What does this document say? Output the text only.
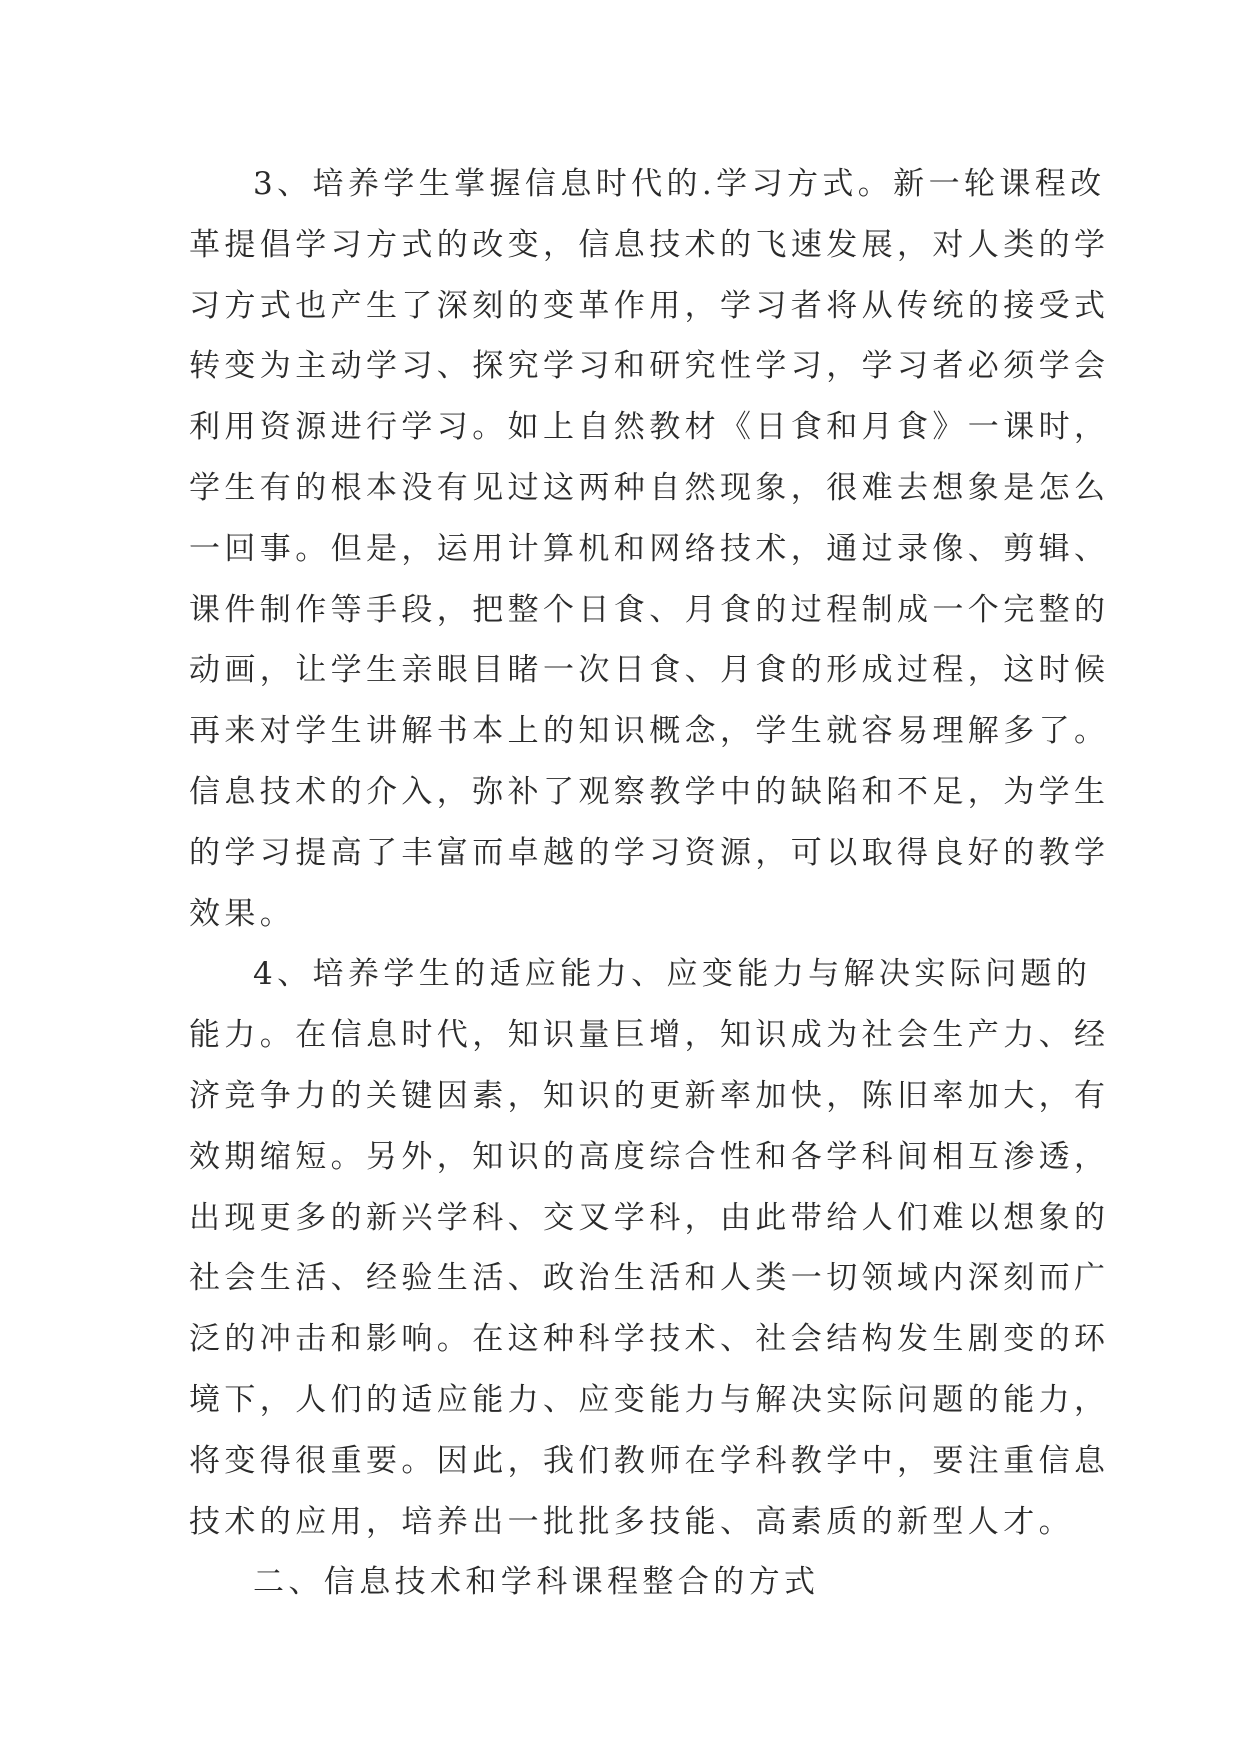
3、培养学生掌握信息时代的.学习方式。新一轮课程改
革提倡学习方式的改变，信息技术的飞速发展，对人类的学
习方式也产生了深刻的变革作用，学习者将从传统的接受式
转变为主动学习、探究学习和研究性学习，学习者必须学会
利用资源进行学习。如上自然教材《日食和月食》一课时，
学生有的根本没有见过这两种自然现象，很难去想象是怎么
一回事。但是，运用计算机和网络技术，通过录像、剪辑、
课件制作等手段，把整个日食、月食的过程制成一个完整的
动画，让学生亲眼目睹一次日食、月食的形成过程，这时候
再来对学生讲解书本上的知识概念，学生就容易理解多了。
信息技术的介入，弥补了观察教学中的缺陷和不足，为学生
的学习提高了丰富而卓越的学习资源，可以取得良好的教学
效果。
4、培养学生的适应能力、应变能力与解决实际问题的
能力。在信息时代，知识量巨增，知识成为社会生产力、经
济竞争力的关键因素，知识的更新率加快，陈旧率加大，有
效期缩短。另外，知识的高度综合性和各学科间相互渗透，
出现更多的新兴学科、交叉学科，由此带给人们难以想象的
社会生活、经验生活、政治生活和人类一切领域内深刻而广
泛的冲击和影响。在这种科学技术、社会结构发生剧变的环
境下，人们的适应能力、应变能力与解决实际问题的能力，
将变得很重要。因此，我们教师在学科教学中，要注重信息
技术的应用，培养出一批批多技能、高素质的新型人才。
二、信息技术和学科课程整合的方式
